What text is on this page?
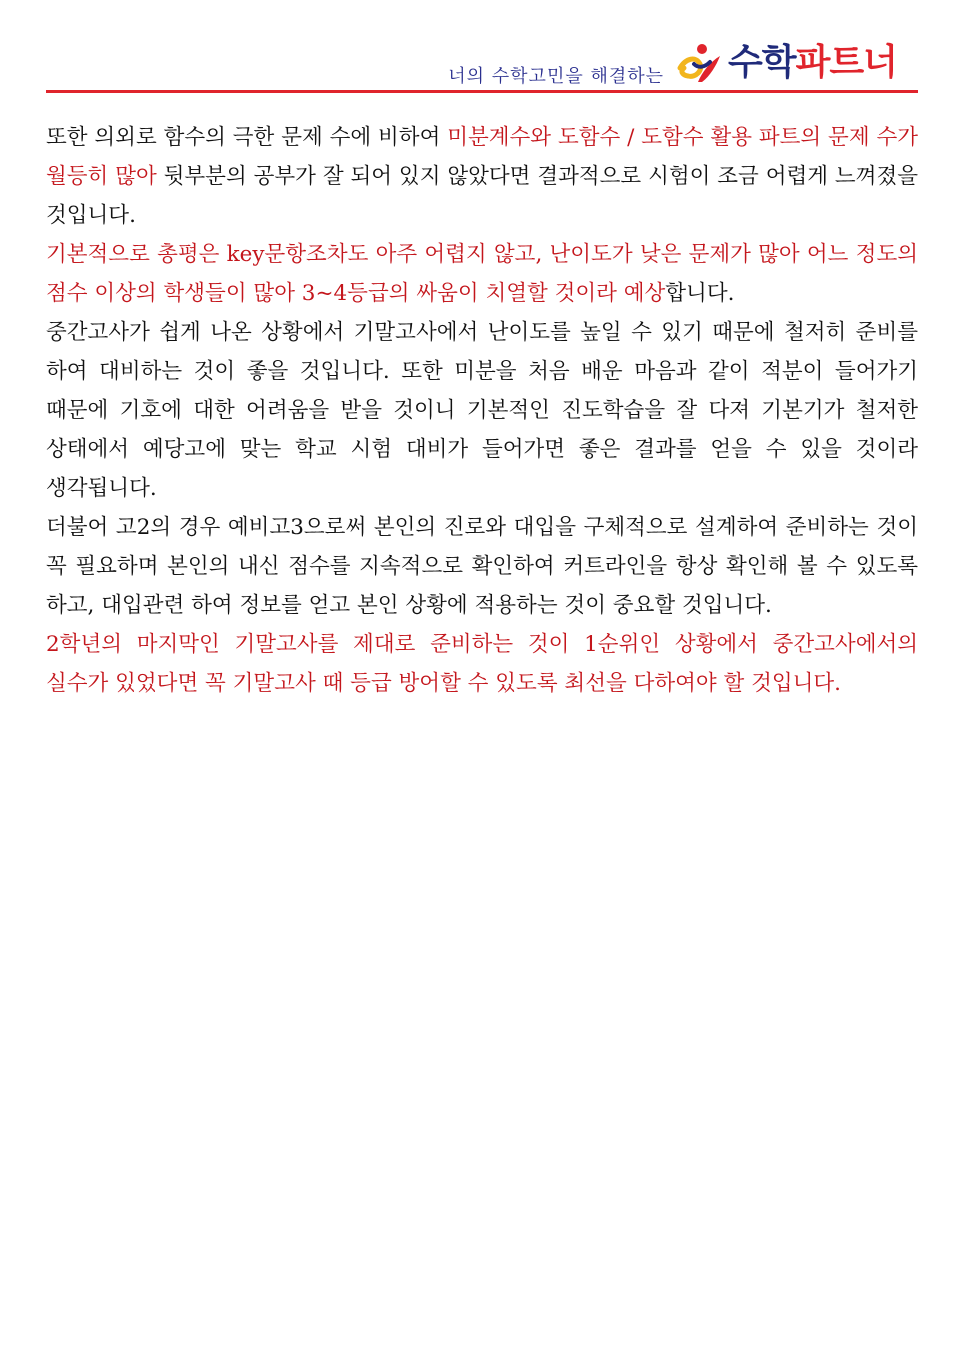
너의 수학고민을 해결하는 수학파트너

또한 의외로 함수의 극한 문제 수에 비하여 미분계수와 도함수 / 도함수 활용 파트의 문제 수가 월등히 많아 뒷부분의 공부가 잘 되어 있지 않았다면 결과적으로 시험이 조금 어렵게 느껴졌을 것입니다.

기본적으로 총평은 key문항조차도 아주 어렵지 않고, 난이도가 낮은 문제가 많아 어느 정도의 점수 이상의 학생들이 많아 3~4등급의 싸움이 치열할 것이라 예상합니다.

중간고사가 쉽게 나온 상황에서 기말고사에서 난이도를 높일 수 있기 때문에 철저히 준비를 하여 대비하는 것이 좋을 것입니다. 또한 미분을 처음 배운 마음과 같이 적분이 들어가기 때문에 기호에 대한 어려움을 받을 것이니 기본적인 진도학습을 잘 다져 기본기가 철저한 상태에서 예당고에 맞는 학교 시험 대비가 들어가면 좋은 결과를 얻을 수 있을 것이라 생각됩니다.

더불어 고2의 경우 예비고3으로써 본인의 진로와 대입을 구체적으로 설계하여 준비하는 것이 꼭 필요하며 본인의 내신 점수를 지속적으로 확인하여 커트라인을 항상 확인해 볼 수 있도록 하고, 대입관련 하여 정보를 얻고 본인 상황에 적용하는 것이 중요할 것입니다.

2학년의 마지막인 기말고사를 제대로 준비하는 것이 1순위인 상황에서 중간고사에서의 실수가 있었다면 꼭 기말고사 때 등급 방어할 수 있도록 최선을 다하여야 할 것입니다.
